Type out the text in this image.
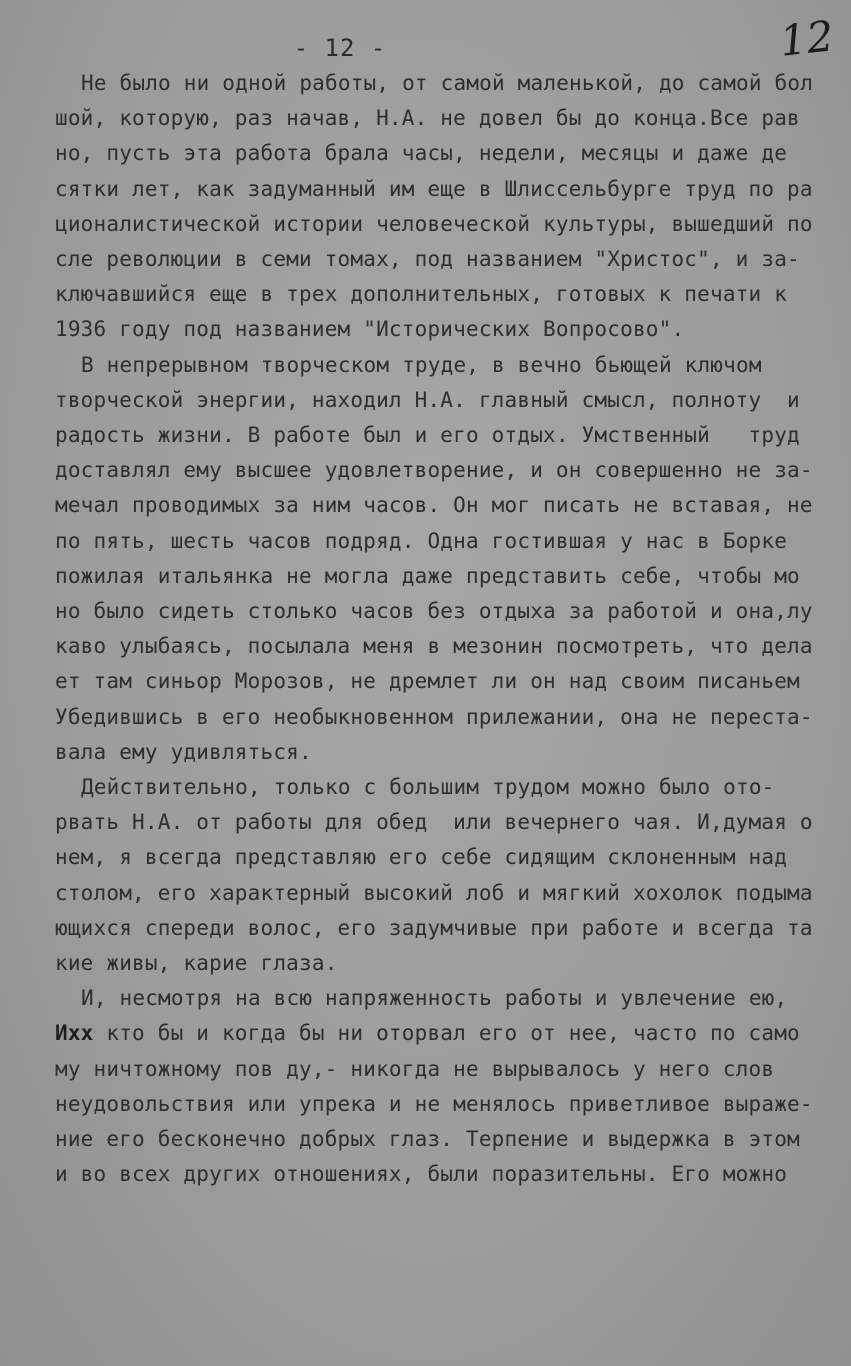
- 12 -	12
Не было ни одной работы, от самой маленькой, до самой бол
шой, которую, раз начав, Н.А. не довел бы до конца.Все рав
но, пусть эта работа брала часы, недели, месяцы и даже де
сятки лет, как задуманный им еще в Шлиссельбурге труд по ра
ционалистической истории человеческой культуры, вышедший по
сле революции в семи томах, под названием "Христос", и за-
ключавшийся еще в трех дополнительных, готовых к печати к
1936 году под названием "Исторических Вопросово".
В непрерывном творческом труде, в вечно бьющей ключом
творческой энергии, находил Н.А. главный смысл, полноту  и
радость жизни. В работе был и его отдых. Умственный   труд
доставлял ему высшее удовлетворение, и он совершенно не за-
мечал проводимых за ним часов. Он мог писать не вставая, не
по пять, шесть часов подряд. Одна гостившая у нас в Борке
пожилая итальянка не могла даже представить себе, чтобы мо
но было сидеть столько часов без отдыха за работой и она,лу
каво улыбаясь, посылала меня в мезонин посмотреть, что дела
ет там синьор Морозов, не дремлет ли он над своим писаньем
Убедившись в его необыкновенном прилежании, она не переста-
вала ему удивляться.
Действительно, только с большим трудом можно было ото-
рвать Н.А. от работы для обед  или вечернего чая. И,думая о
нем, я всегда представляю его себе сидящим склоненным над
столом, его характерный высокий лоб и мягкий хохолок подыма
ющихся спереди волос, его задумчивые при работе и всегда та
кие живы, карие глаза.
И, несмотря на всю напряженность работы и увлечение ею,
Ихх кто бы и когда бы ни оторвал его от нее, часто по само
му ничтожному пов ду,- никогда не вырывалось у него слов
неудовольствия или упрека и не менялось приветливое выраже-
ние его бесконечно добрых глаз. Терпение и выдержка в этом
и во всех других отношениях, были поразительны. Его можно
